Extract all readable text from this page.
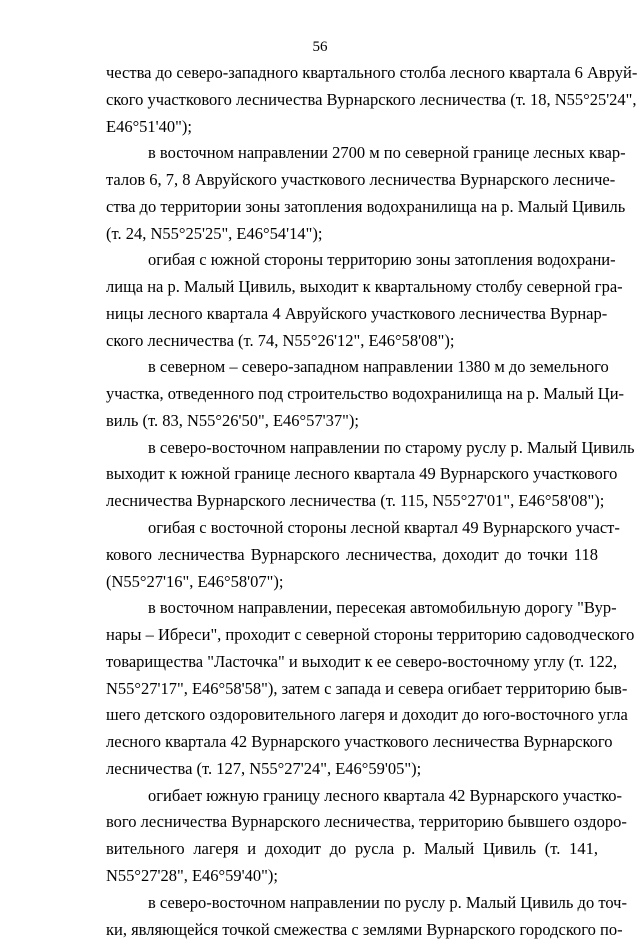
56
чества до северо-западного квартального столба лесного квартала 6 Авруй-
ского участкового лесничества Вурнарского лесничества (т. 18, N55°25'24",
E46°51'40");
в восточном направлении 2700 м по северной границе лесных квар-
талов 6, 7, 8 Авруйского участкового лесничества Вурнарского лесниче-
ства до территории зоны затопления водохранилища на р. Малый Цивиль
(т. 24, N55°25'25", E46°54'14");
огибая с южной стороны территорию зоны затопления водохрани-
лища на р. Малый Цивиль, выходит к квартальному столбу северной гра-
ницы лесного квартала 4 Авруйского участкового лесничества Вурнар-
ского лесничества (т. 74, N55°26'12", E46°58'08");
в северном – северо-западном направлении 1380 м до земельного
участка, отведенного под строительство водохранилища на р. Малый Ци-
виль (т. 83, N55°26'50", E46°57'37");
в северо-восточном направлении по старому руслу р. Малый Цивиль
выходит к южной границе лесного квартала 49 Вурнарского участкового
лесничества Вурнарского лесничества (т. 115, N55°27'01", E46°58'08");
огибая с восточной стороны лесной квартал 49 Вурнарского участ-
кового лесничества Вурнарского лесничества, доходит до точки 118
(N55°27'16", E46°58'07");
в восточном направлении, пересекая автомобильную дорогу "Вур-
нары – Ибреси", проходит с северной стороны территорию садоводческого
товарищества "Ласточка" и выходит к ее северо-восточному углу (т. 122,
N55°27'17", E46°58'58"), затем с запада и севера огибает территорию быв-
шего детского оздоровительного лагеря и доходит до юго-восточного угла
лесного квартала 42 Вурнарского участкового лесничества Вурнарского
лесничества (т. 127, N55°27'24", E46°59'05");
огибает южную границу лесного квартала 42 Вурнарского участко-
вого лесничества Вурнарского лесничества, территорию бывшего оздоро-
вительного лагеря и доходит до русла р. Малый Цивиль (т. 141,
N55°27'28", E46°59'40");
в северо-восточном направлении по руслу р. Малый Цивиль до точ-
ки, являющейся точкой смежества с землями Вурнарского городского по-
